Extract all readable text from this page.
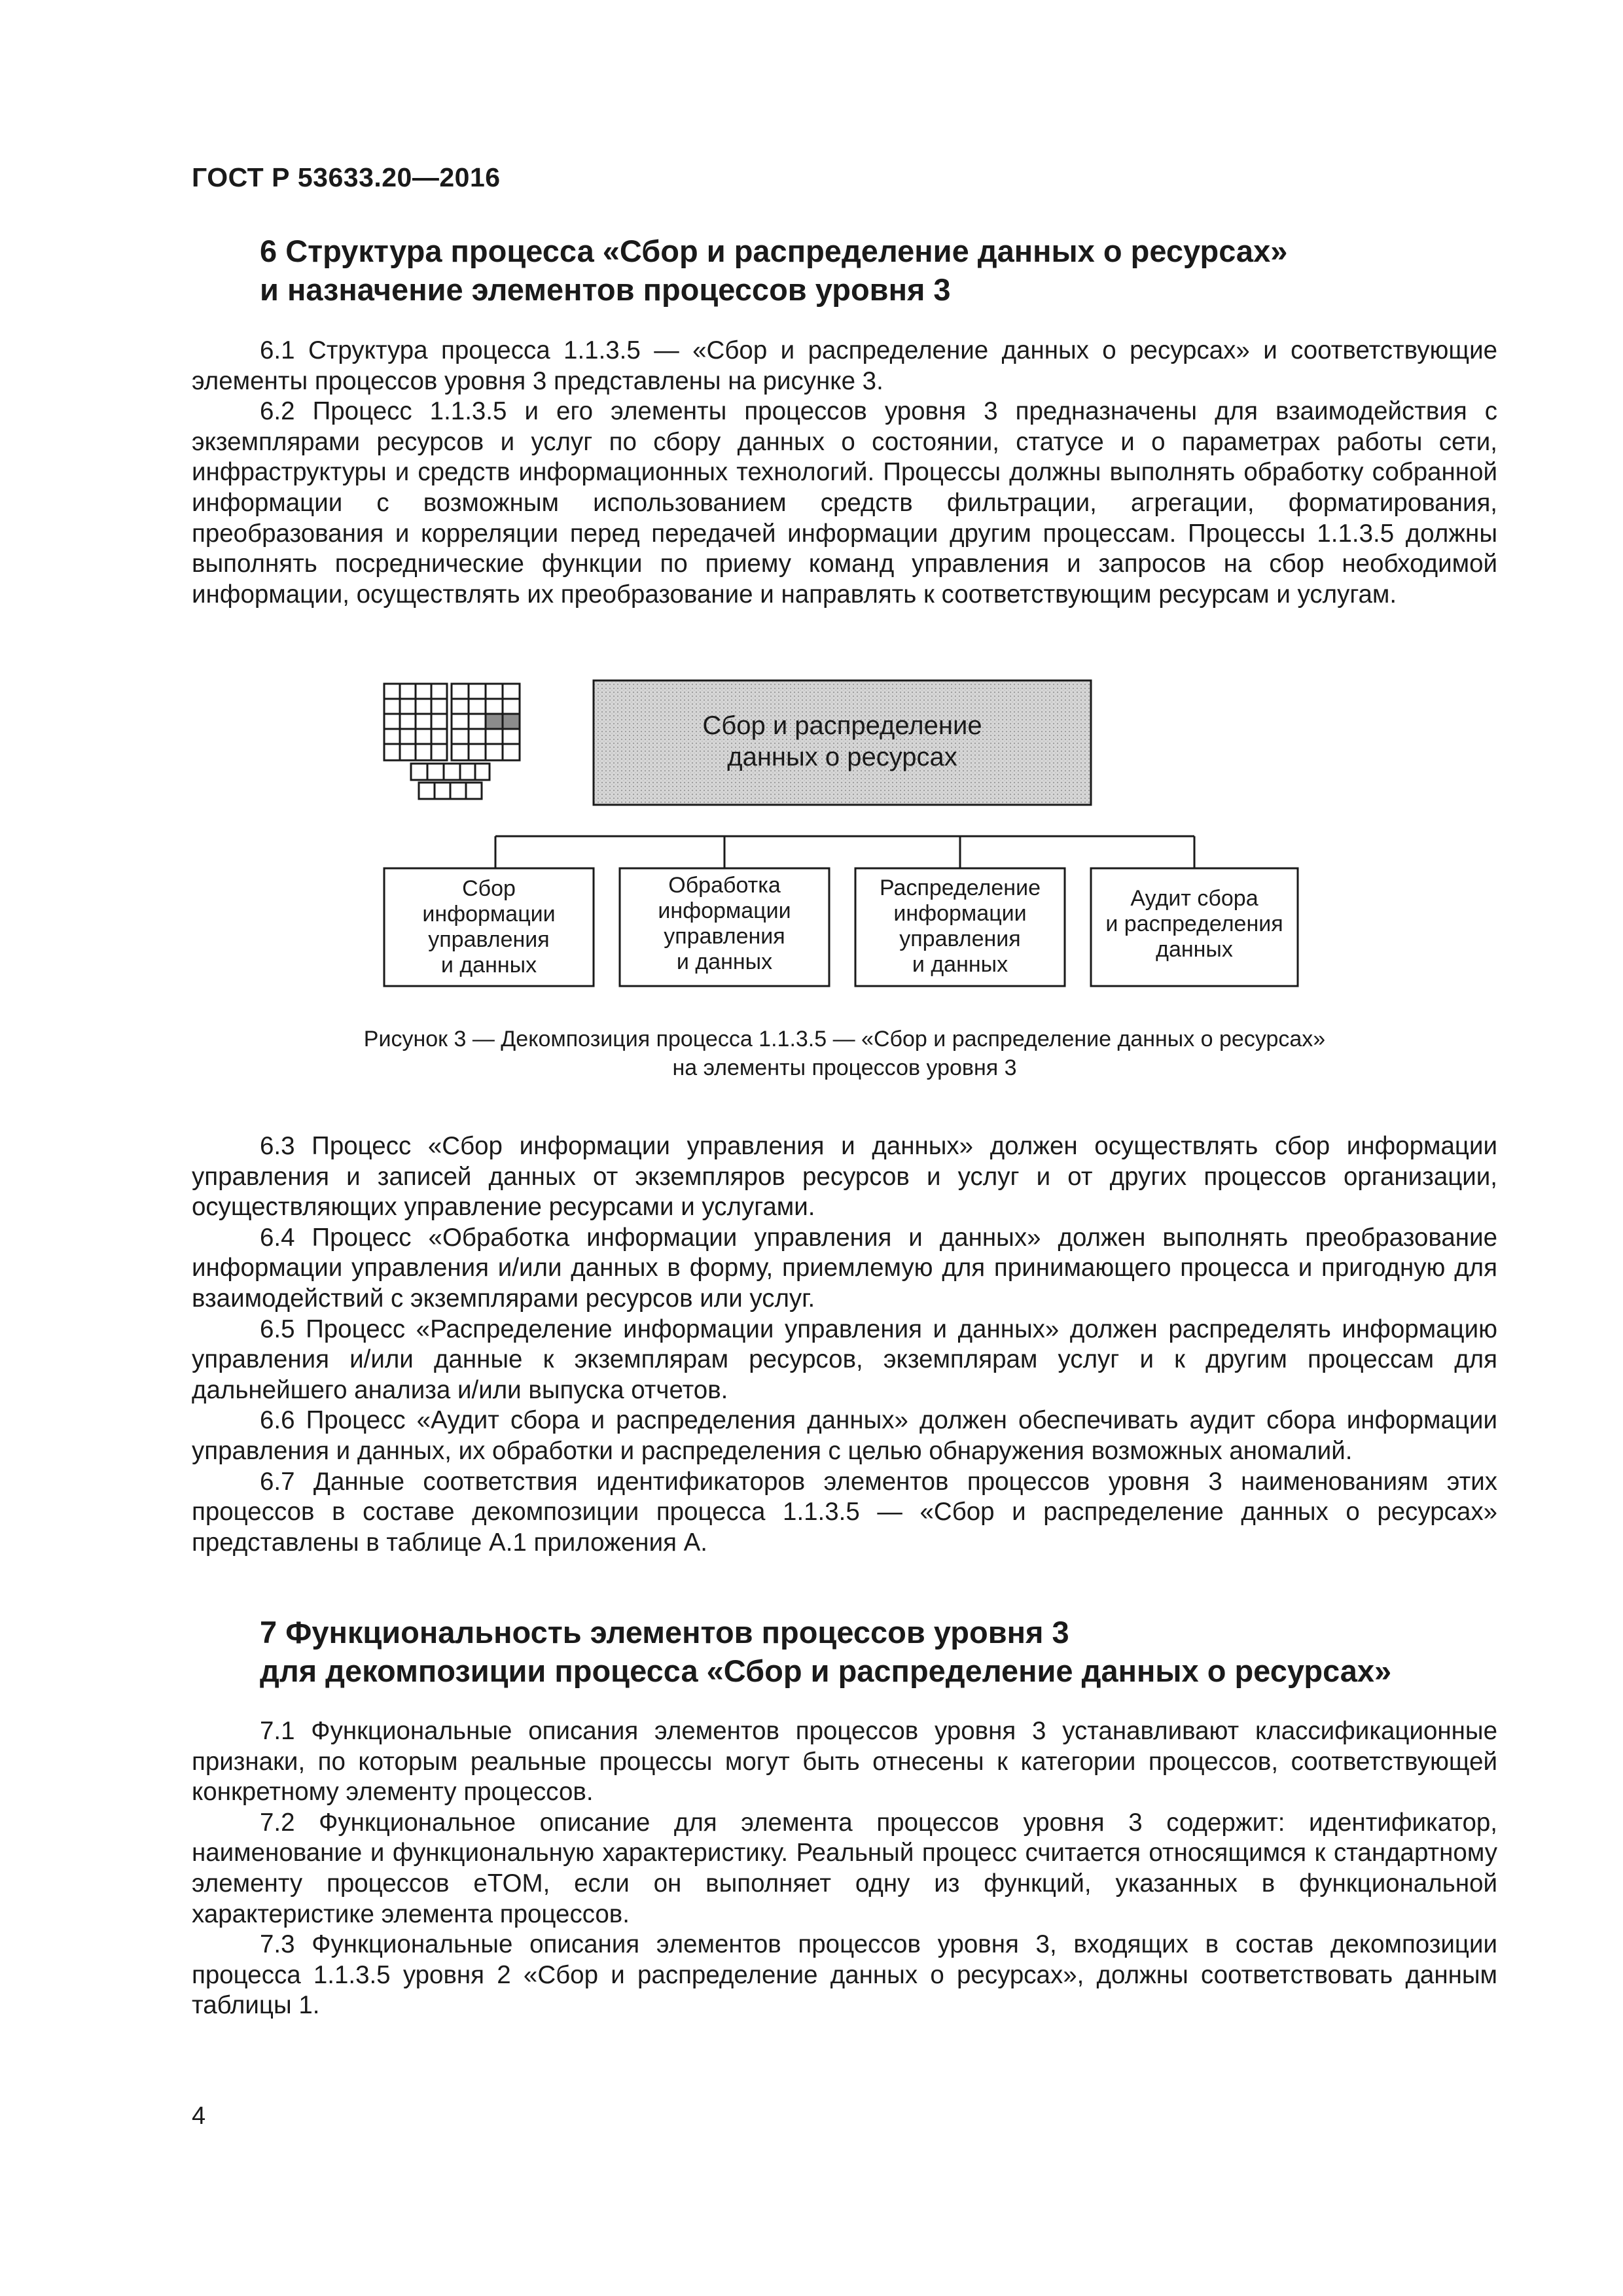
ГОСТ Р 53633.20—2016
6 Структура процесса «Сбор и распределение данных о ресурсах»
и назначение элементов процессов уровня 3

6.1 Структура процесса 1.1.3.5 — «Сбор и распределение данных о ресурсах» и соответствующие элементы процессов уровня 3 представлены на рисунке 3.

6.2 Процесс 1.1.3.5 и его элементы процессов уровня 3 предназначены для взаимодействия с экземплярами ресурсов и услуг по сбору данных о состоянии, статусе и о параметрах работы сети, инфраструктуры и средств информационных технологий. Процессы должны выполнять обработку собранной информации с возможным использованием средств фильтрации, агрегации, форматирования, преобразования и корреляции перед передачей информации другим процессам. Процессы 1.1.3.5 должны выполнять посреднические функции по приему команд управления и запросов на сбор необходимой информации, осуществлять их преобразование и направлять к соответствующим ресурсам и услугам.

Сбор и распределение
данных о ресурсах
Сбор
информации
управления
и данных
Обработка
информации
управления
и данных
Распределение
информации
управления
и данных
Аудит сбора
и распределения
данных
Рисунок 3 — Декомпозиция процесса 1.1.3.5 — «Сбор и распределение данных о ресурсах»
на элементы процессов уровня 3

6.3 Процесс «Сбор информации управления и данных» должен осуществлять сбор информации управления и записей данных от экземпляров ресурсов и услуг и от других процессов организации, осуществляющих управление ресурсами и услугами.

6.4 Процесс «Обработка информации управления и данных» должен выполнять преобразование информации управления и/или данных в форму, приемлемую для принимающего процесса и пригодную для взаимодействий с экземплярами ресурсов или услуг.

6.5 Процесс «Распределение информации управления и данных» должен распределять информацию управления и/или данные к экземплярам ресурсов, экземплярам услуг и к другим процессам для дальнейшего анализа и/или выпуска отчетов.

6.6 Процесс «Аудит сбора и распределения данных» должен обеспечивать аудит сбора информации управления и данных, их обработки и распределения с целью обнаружения возможных аномалий.

6.7 Данные соответствия идентификаторов элементов процессов уровня 3 наименованиям этих процессов в составе декомпозиции процесса 1.1.3.5 — «Сбор и распределение данных о ресурсах» представлены в таблице А.1 приложения А.

7 Функциональность элементов процессов уровня 3
для декомпозиции процесса «Сбор и распределение данных о ресурсах»

7.1 Функциональные описания элементов процессов уровня 3 устанавливают классификационные признаки, по которым реальные процессы могут быть отнесены к категории процессов, соответствующей конкретному элементу процессов.

7.2 Функциональное описание для элемента процессов уровня 3 содержит: идентификатор, наименование и функциональную характеристику. Реальный процесс считается относящимся к стандартному элементу процессов eTOM, если он выполняет одну из функций, указанных в функциональной характеристике элемента процессов.

7.3 Функциональные описания элементов процессов уровня 3, входящих в состав декомпозиции процесса 1.1.3.5 уровня 2 «Сбор и распределение данных о ресурсах», должны соответствовать данным таблицы 1.

4
